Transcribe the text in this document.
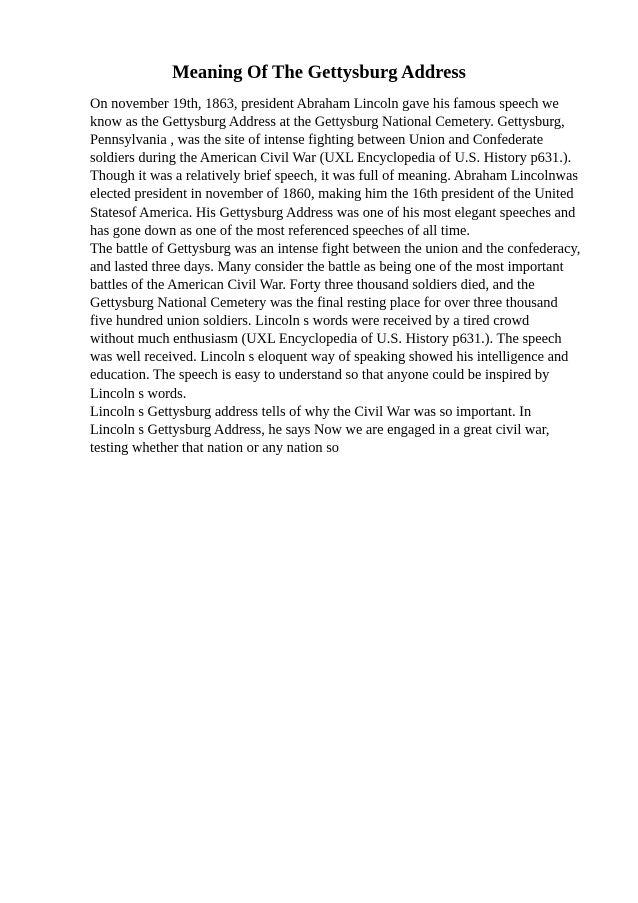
Meaning Of The Gettysburg Address
On november 19th, 1863, president Abraham Lincoln gave his famous speech we
know as the Gettysburg Address at the Gettysburg National Cemetery. Gettysburg,
Pennsylvania , was the site of intense fighting between Union and Confederate
soldiers during the American Civil War (UXL Encyclopedia of U.S. History p631.).
Though it was a relatively brief speech, it was full of meaning. Abraham Lincolnwas
elected president in november of 1860, making him the 16th president of the United
Statesof America. His Gettysburg Address was one of his most elegant speeches and
has gone down as one of the most referenced speeches of all time.
The battle of Gettysburg was an intense fight between the union and the confederacy,
and lasted three days. Many consider the battle as being one of the most important
battles of the American Civil War. Forty three thousand soldiers died, and the
Gettysburg National Cemetery was the final resting place for over three thousand
five hundred union soldiers. Lincoln s words were received by a tired crowd
without much enthusiasm (UXL Encyclopedia of U.S. History p631.). The speech
was well received. Lincoln s eloquent way of speaking showed his intelligence and
education. The speech is easy to understand so that anyone could be inspired by
Lincoln s words.
Lincoln s Gettysburg address tells of why the Civil War was so important. In
Lincoln s Gettysburg Address, he says Now we are engaged in a great civil war,
testing whether that nation or any nation so
